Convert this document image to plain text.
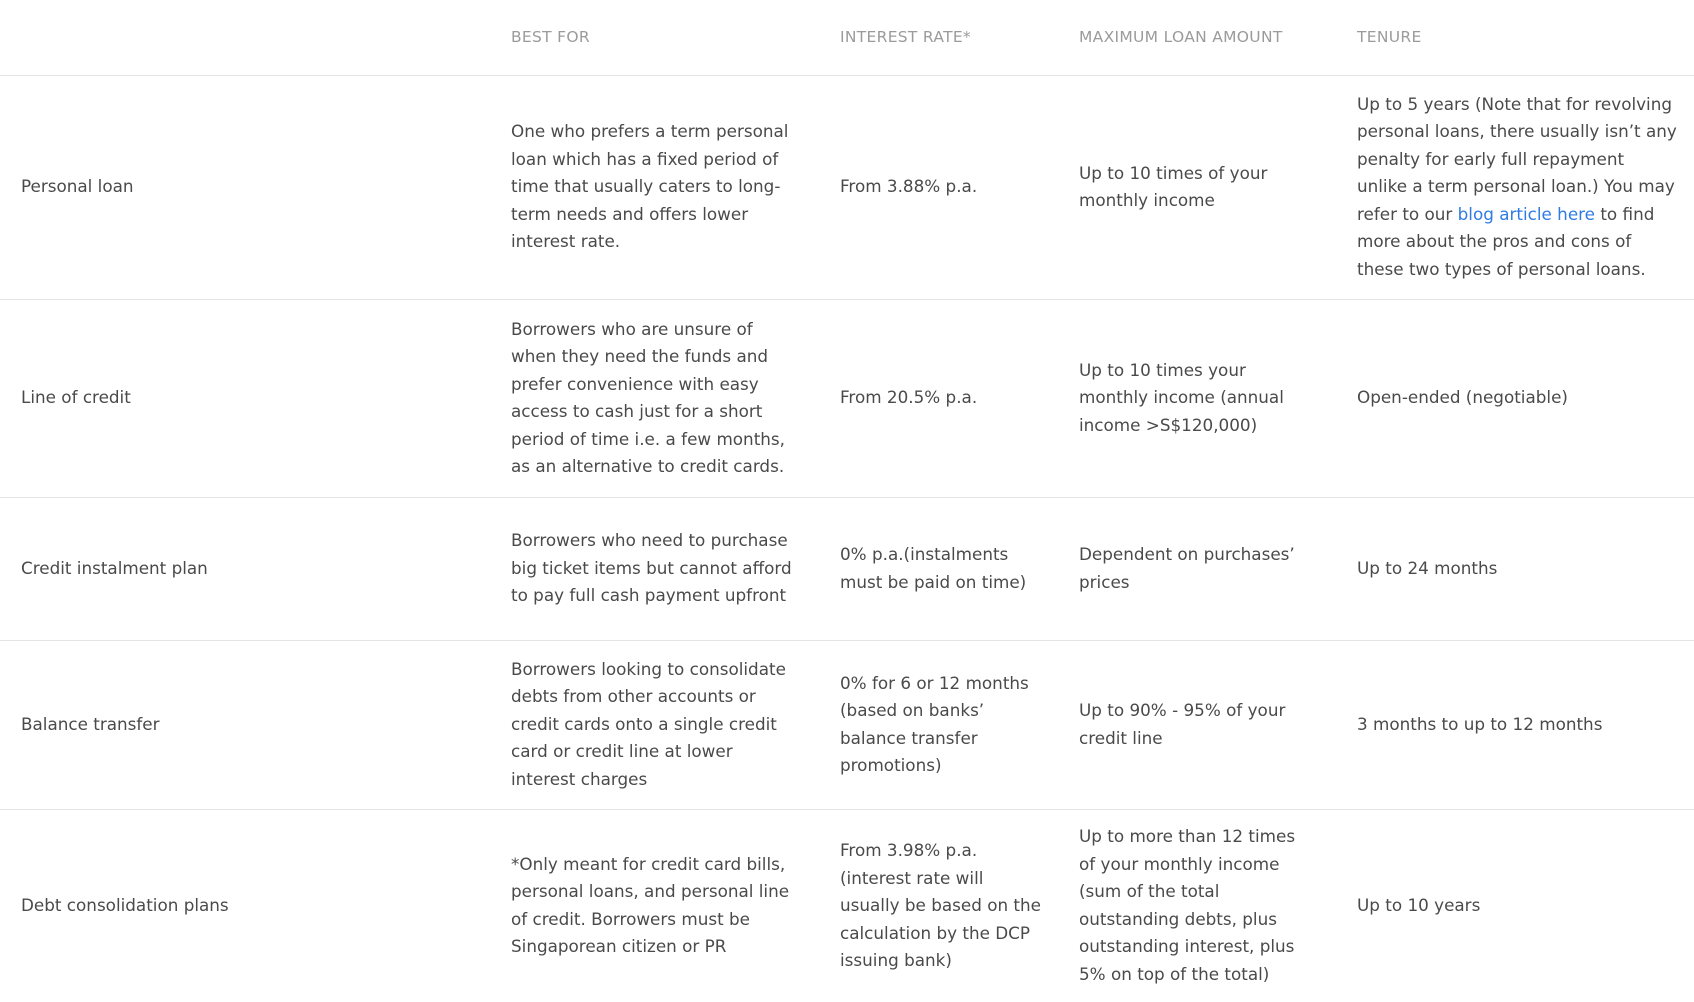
	BEST FOR	INTEREST RATE*	MAXIMUM LOAN AMOUNT	TENURE
Personal loan	One who prefers a term personal loan which has a fixed period of time that usually caters to long-term needs and offers lower interest rate.	From 3.88% p.a.	Up to 10 times of your monthly income	Up to 5 years (Note that for revolving personal loans, there usually isn’t any penalty for early full repayment unlike a term personal loan.) You may refer to our blog article here to find more about the pros and cons of these two types of personal loans.
Line of credit	Borrowers who are unsure of when they need the funds and prefer convenience with easy access to cash just for a short period of time i.e. a few months, as an alternative to credit cards.	From 20.5% p.a.	Up to 10 times your monthly income (annual income >S$120,000)	Open-ended (negotiable)
Credit instalment plan	Borrowers who need to purchase big ticket items but cannot afford to pay full cash payment upfront	0% p.a.(instalments must be paid on time)	Dependent on purchases’ prices	Up to 24 months
Balance transfer	Borrowers looking to consolidate debts from other accounts or credit cards onto a single credit card or credit line at lower interest charges	0% for 6 or 12 months (based on banks’ balance transfer promotions)	Up to 90% - 95% of your credit line	3 months to up to 12 months
Debt consolidation plans	*Only meant for credit card bills, personal loans, and personal line of credit. Borrowers must be Singaporean citizen or PR	From 3.98% p.a. (interest rate will usually be based on the calculation by the DCP issuing bank)	Up to more than 12 times of your monthly income (sum of the total outstanding debts, plus outstanding interest, plus 5% on top of the total)	Up to 10 years
